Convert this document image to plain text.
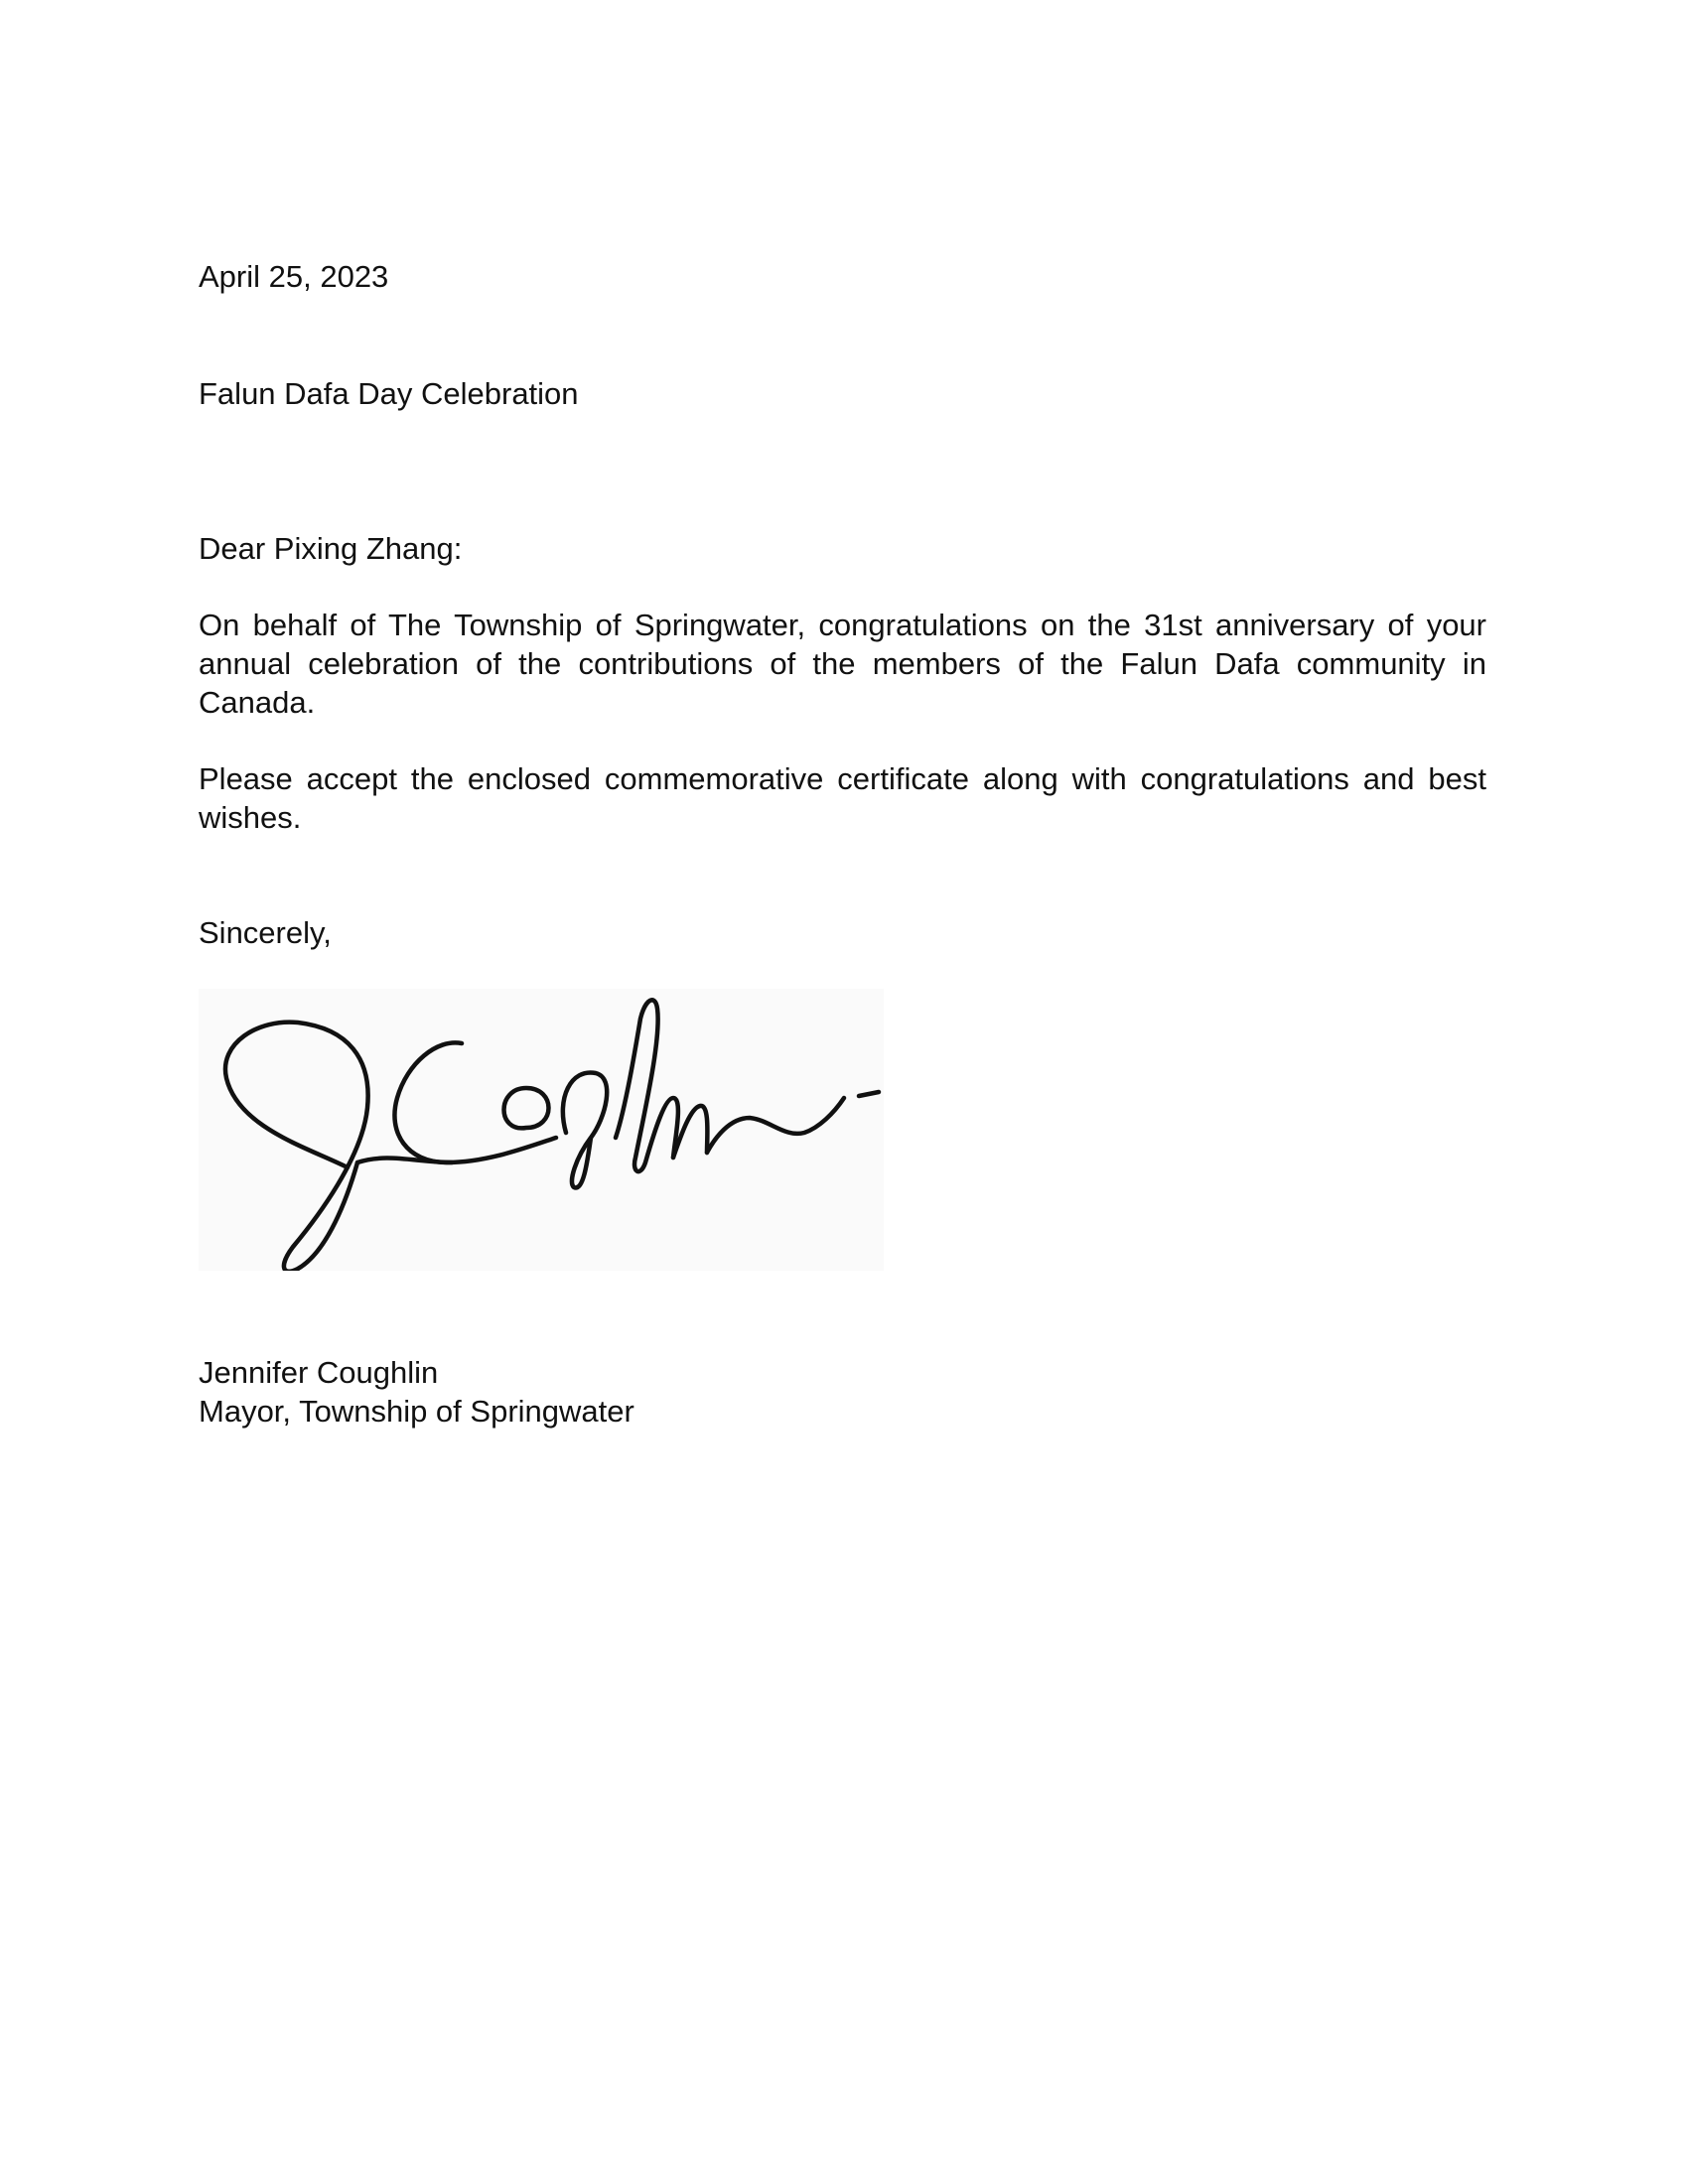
April 25, 2023

Falun Dafa Day Celebration

Dear Pixing Zhang:

On behalf of The Township of Springwater, congratulations on the 31st anniversary of your annual celebration of the contributions of the members of the Falun Dafa community in Canada.

Please accept the enclosed commemorative certificate along with congratulations and best wishes.

Sincerely,

Jennifer Coughlin
Mayor, Township of Springwater
